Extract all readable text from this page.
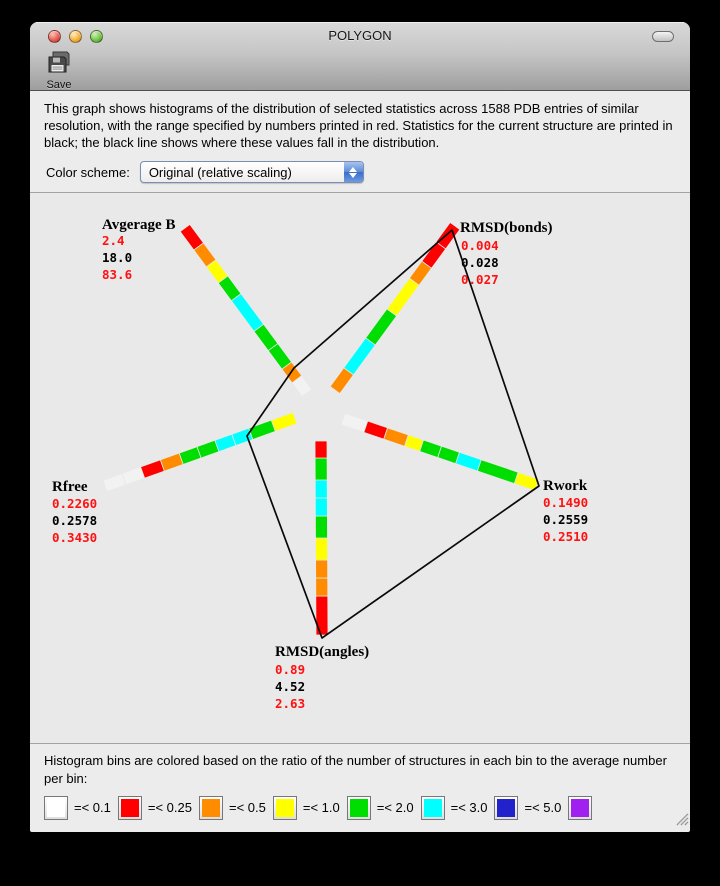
POLYGON
Save
This graph shows histograms of the distribution of selected statistics across 1588 PDB entries of similar resolution, with the range specified by numbers printed in red. Statistics for the current structure are printed in black; the black line shows where these values fall in the distribution.
Color scheme:	Original (relative scaling)
Avgerage B
2.4
18.0
83.6
RMSD(bonds)
0.004
0.028
0.027
Rwork
0.1490
0.2559
0.2510
RMSD(angles)
0.89
4.52
2.63
Rfree
0.2260
0.2578
0.3430
Histogram bins are colored based on the ratio of the number of structures in each bin to the average number per bin:
=< 0.1	=< 0.25	=< 0.5	=< 1.0	=< 2.0	=< 3.0	=< 5.0
